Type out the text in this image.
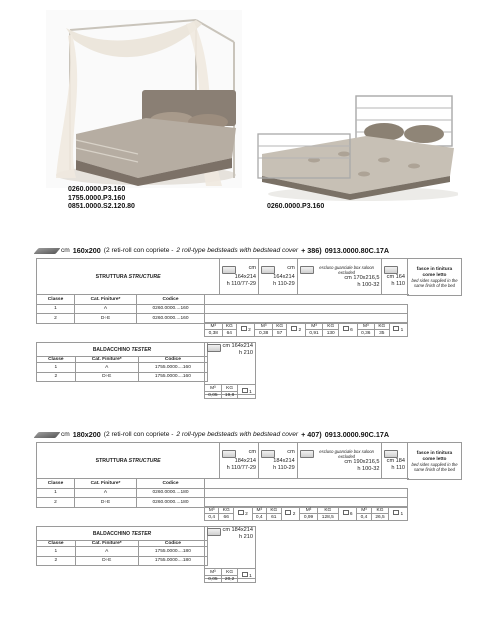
0260.0000.P3.160
1755.0000.P3.160
0851.0000.S2.120.80	0260.0000.P3.160
cm 160x200 (2 reti-roll con copriete - 2 roll-type bedsteads with bedstead cover + 386) 0913.0000.80C.17A
STRUTTURA STRUCTURE	
cm 164x214
h 110/77-29

cm 164x214
h 110-29

escluso guanciale box saloon excluded
cm 170x216,5
h 100-32

cm 164
h 110
	fasce in tinitura come letto
bed sides supplied in the same finish of the bed

Classe	Cat. Finiture*	Codice	
1	A	0260.0000....160	
2	D÷E	0260.0000....160	
M³	KG	2	M³	KG	2	M³	KG	6	M³	KG	1
0,38	64		0,38	57		0,91	130		0,36	35	
BALDACCHINO TESTER		
Classe	Cat. Finiture*	Codice
1	A	1755.0000....160
2	D÷E	1755.0000....160
cm 164x214
h 210
M³	KG	1
0,05	19,8	
cm 180x200 (2 reti-roll con copriete - 2 roll-type bedsteads with bedstead cover + 407) 0913.0000.90C.17A
STRUTTURA STRUCTURE	
cm 184x214
h 110/77-29

cm 184x214
h 110-29

escluso guanciale box saloon excluded
cm 190x216,5
h 100-32

cm 184
h 110
	fasce in tinitura come letto
bed sides supplied in the same finish of the bed

Classe	Cat. Finiture*	Codice	
1	A	0260.0000....180	
2	D÷E	0260.0000....180	
M³	KG	2	M³	KG	2	M³	KG	6	M³	KG	1
0,4	66		0,4	61		0,99	128,5		0,4	26,5	
BALDACCHINO TESTER		
Classe	Cat. Finiture*	Codice
1	A	1755.0000....180
2	D÷E	1755.0000....180
cm 184x214
h 210
M³	KG	1
0,05	20,2	
